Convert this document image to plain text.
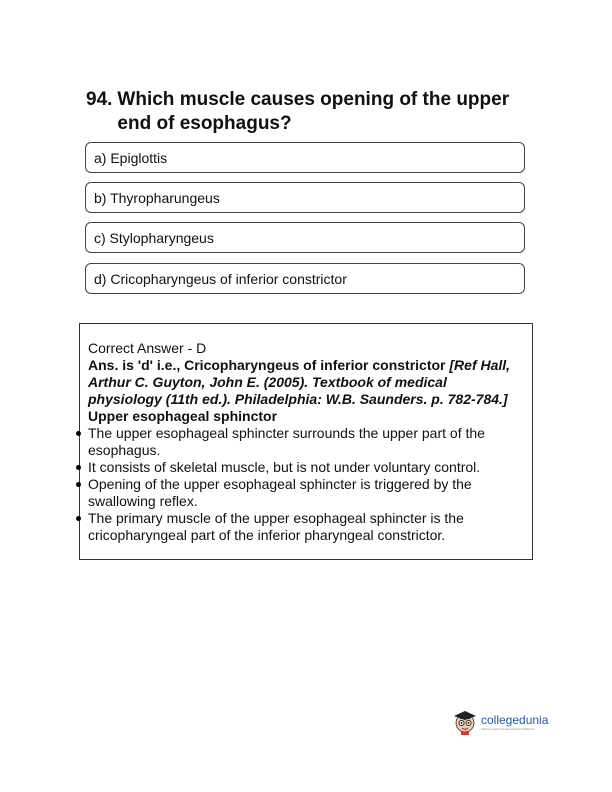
94. Which muscle causes opening of the upper end of esophagus?
a) Epiglottis
b) Thyropharungeus
c) Stylopharyngeus
d) Cricopharyngeus of inferior constrictor
Correct Answer - D
Ans. is 'd' i.e., Cricopharyngeus of inferior constrictor [Ref Hall, Arthur C. Guyton, John E. (2005). Textbook of medical physiology (11th ed.). Philadelphia: W.B. Saunders. p. 782-784.]
Upper esophageal sphinctor
The upper esophageal sphincter surrounds the upper part of the esophagus.
It consists of skeletal muscle, but is not under voluntary control.
Opening of the upper esophageal sphincter is triggered by the swallowing reflex.
The primary muscle of the upper esophageal sphincter is the cricopharyngeal part of the inferior pharyngeal constrictor.
collegedunia
India's Largest Student Review Platform
